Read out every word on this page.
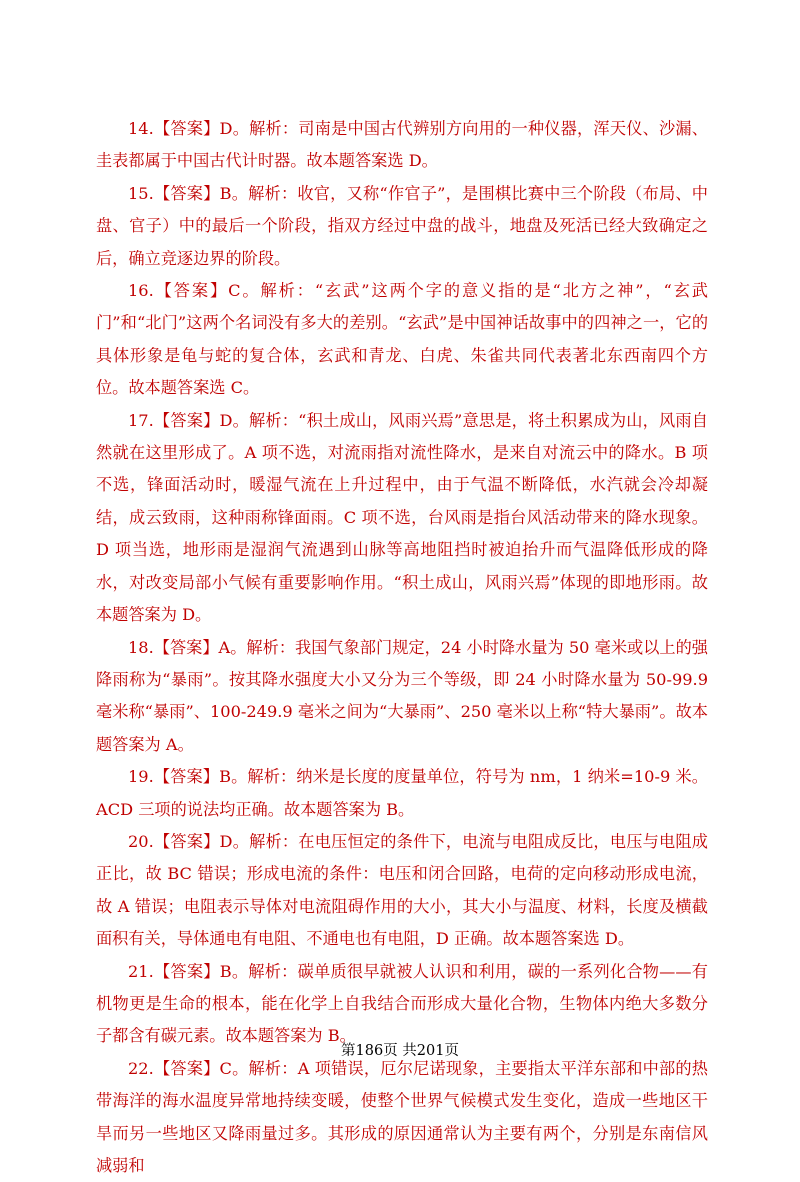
14.【答案】D。解析：司南是中国古代辨别方向用的一种仪器，浑天仪、沙漏、圭表都属于中国古代计时器。故本题答案选 D。

15.【答案】B。解析：收官，又称“作官子”，是围棋比赛中三个阶段（布局、中盘、官子）中的最后一个阶段，指双方经过中盘的战斗，地盘及死活已经大致确定之后，确立竞逐边界的阶段。

16.【答案】C。解析：“玄武”这两个字的意义指的是“北方之神”，“玄武门”和“北门”这两个名词没有多大的差别。“玄武”是中国神话故事中的四神之一，它的具体形象是龟与蛇的复合体，玄武和青龙、白虎、朱雀共同代表著北东西南四个方位。故本题答案选 C。

17.【答案】D。解析：“积土成山，风雨兴焉”意思是，将土积累成为山，风雨自然就在这里形成了。A 项不选，对流雨指对流性降水，是来自对流云中的降水。B 项不选，锋面活动时，暖湿气流在上升过程中，由于气温不断降低，水汽就会冷却凝结，成云致雨，这种雨称锋面雨。C 项不选，台风雨是指台风活动带来的降水现象。D 项当选，地形雨是湿润气流遇到山脉等高地阻挡时被迫抬升而气温降低形成的降水，对改变局部小气候有重要影响作用。“积土成山，风雨兴焉”体现的即地形雨。故本题答案为 D。

18.【答案】A。解析：我国气象部门规定，24 小时降水量为 50 毫米或以上的强降雨称为“暴雨”。按其降水强度大小又分为三个等级，即 24 小时降水量为 50-99.9 毫米称“暴雨”、100-249.9 毫米之间为“大暴雨”、250 毫米以上称“特大暴雨”。故本题答案为 A。

19.【答案】B。解析：纳米是长度的度量单位，符号为 nm，1 纳米=10-9 米。ACD 三项的说法均正确。故本题答案为 B。

20.【答案】D。解析：在电压恒定的条件下，电流与电阻成反比，电压与电阻成正比，故 BC 错误；形成电流的条件：电压和闭合回路，电荷的定向移动形成电流，故 A 错误；电阻表示导体对电流阻碍作用的大小，其大小与温度、材料，长度及横截面积有关，导体通电有电阻、不通电也有电阻，D 正确。故本题答案选 D。

21.【答案】B。解析：碳单质很早就被人认识和利用，碳的一系列化合物——有机物更是生命的根本，能在化学上自我结合而形成大量化合物，生物体内绝大多数分子都含有碳元素。故本题答案为 B。

22.【答案】C。解析：A 项错误，厄尔尼诺现象，主要指太平洋东部和中部的热带海洋的海水温度异常地持续变暖，使整个世界气候模式发生变化，造成一些地区干旱而另一些地区又降雨量过多。其形成的原因通常认为主要有两个，分别是东南信风减弱和

第186页 共201页
